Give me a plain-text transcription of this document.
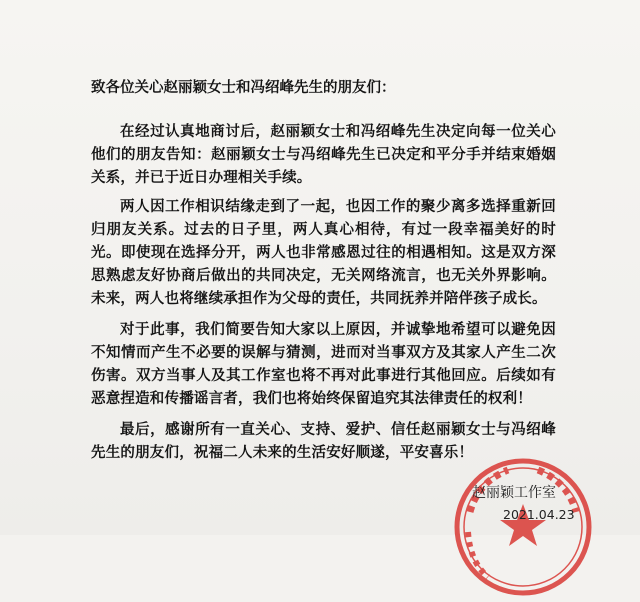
致各位关心赵丽颖女士和冯绍峰先生的朋友们：

在经过认真地商讨后，赵丽颖女士和冯绍峰先生决定向每一位关心他们的朋友告知：赵丽颖女士与冯绍峰先生已决定和平分手并结束婚姻关系，并已于近日办理相关手续。

两人因工作相识结缘走到了一起，也因工作的聚少离多选择重新回归朋友关系。过去的日子里，两人真心相待，有过一段幸福美好的时光。即使现在选择分开，两人也非常感恩过往的相遇相知。这是双方深思熟虑友好协商后做出的共同决定，无关网络流言，也无关外界影响。未来，两人也将继续承担作为父母的责任，共同抚养并陪伴孩子成长。

对于此事，我们简要告知大家以上原因，并诚挚地希望可以避免因不知情而产生不必要的误解与猜测，进而对当事双方及其家人产生二次伤害。双方当事人及其工作室也将不再对此事进行其他回应。后续如有恶意捏造和传播谣言者，我们也将始终保留追究其法律责任的权利！

最后，感谢所有一直关心、支持、爱护、信任赵丽颖女士与冯绍峰先生的朋友们，祝福二人未来的生活安好顺遂，平安喜乐！

赵丽颖工作室
2021.04.23
